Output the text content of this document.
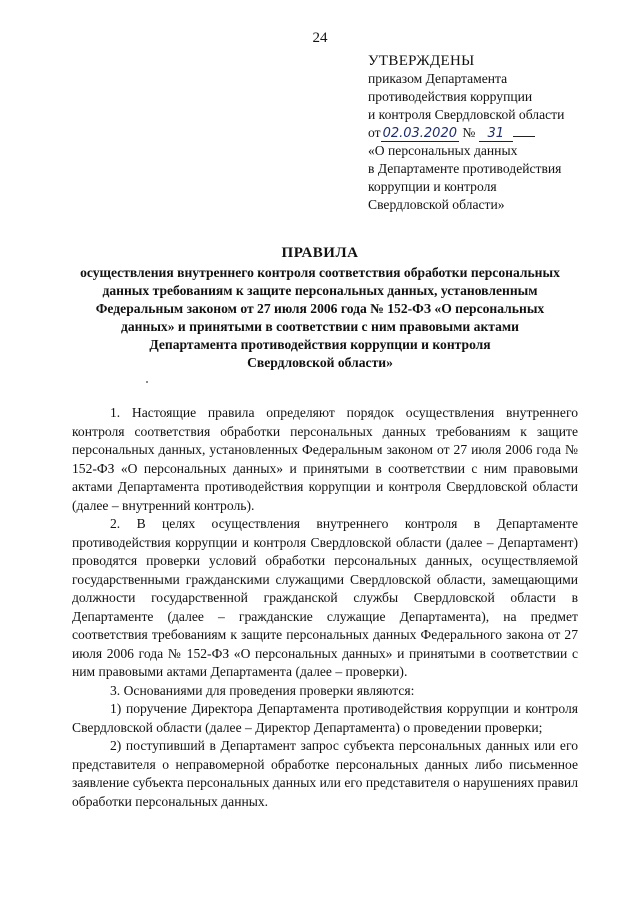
24
УТВЕРЖДЕНЫ
приказом Департамента
противодействия коррупции
и контроля Свердловской области
от 02.03.2020 № 31
«О персональных данных
в Департаменте противодействия
коррупции и контроля
Свердловской области»
ПРАВИЛА
осуществления внутреннего контроля соответствия обработки персональных
данных требованиям к защите персональных данных, установленным
Федеральным законом от 27 июля 2006 года № 152-ФЗ «О персональных
данных» и принятыми в соответствии с ним правовыми актами
Департамента противодействия коррупции и контроля
Свердловской области»

1. Настоящие правила определяют порядок осуществления внутреннего контроля соответствия обработки персональных данных требованиям к защите персональных данных, установленных Федеральным законом от 27 июля 2006 года № 152-ФЗ «О персональных данных» и принятыми в соответствии с ним правовыми актами Департамента противодействия коррупции и контроля Свердловской области (далее – внутренний контроль).

2. В целях осуществления внутреннего контроля в Департаменте противодействия коррупции и контроля Свердловской области (далее – Департамент) проводятся проверки условий обработки персональных данных, осуществляемой государственными гражданскими служащими Свердловской области, замещающими должности государственной гражданской службы Свердловской области в Департаменте (далее – гражданские служащие Департамента), на предмет соответствия требованиям к защите персональных данных Федерального закона от 27 июля 2006 года № 152-ФЗ «О персональных данных» и принятыми в соответствии с ним правовыми актами Департамента (далее – проверки).

3. Основаниями для проведения проверки являются:

1) поручение Директора Департамента противодействия коррупции и контроля Свердловской области (далее – Директор Департамента) о проведении проверки;

2) поступивший в Департамент запрос субъекта персональных данных или его представителя о неправомерной обработке персональных данных либо письменное заявление субъекта персональных данных или его представителя о нарушениях правил обработки персональных данных.
